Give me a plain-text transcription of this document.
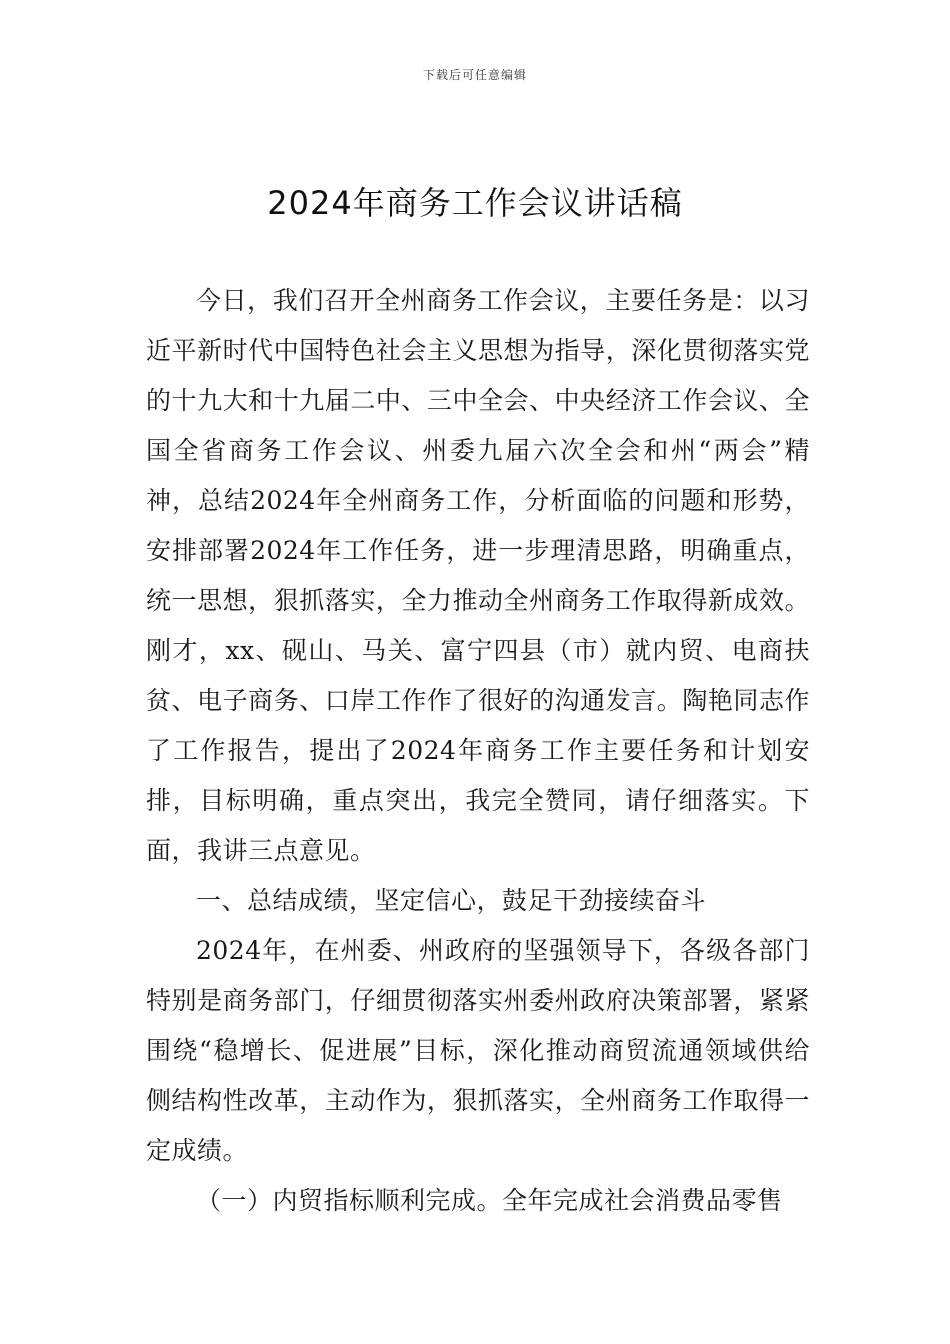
下载后可任意编辑
2024年商务工作会议讲话稿

今日，我们召开全州商务工作会议，主要任务是：以习近平新时代中国特色社会主义思想为指导，深化贯彻落实党的十九大和十九届二中、三中全会、中央经济工作会议、全国全省商务工作会议、州委九届六次全会和州“两会”精神，总结2024年全州商务工作，分析面临的问题和形势，安排部署2024年工作任务，进一步理清思路，明确重点，统一思想，狠抓落实，全力推动全州商务工作取得新成效。刚才，xx、砚山、马关、富宁四县（市）就内贸、电商扶贫、电子商务、口岸工作作了很好的沟通发言。陶艳同志作了工作报告，提出了2024年商务工作主要任务和计划安排，目标明确，重点突出，我完全赞同，请仔细落实。下面，我讲三点意见。

一、总结成绩，坚定信心，鼓足干劲接续奋斗

2024年，在州委、州政府的坚强领导下，各级各部门特别是商务部门，仔细贯彻落实州委州政府决策部署，紧紧围绕“稳增长、促进展”目标，深化推动商贸流通领域供给侧结构性改革，主动作为，狠抓落实，全州商务工作取得一定成绩。

（一）内贸指标顺利完成。全年完成社会消费品零售
